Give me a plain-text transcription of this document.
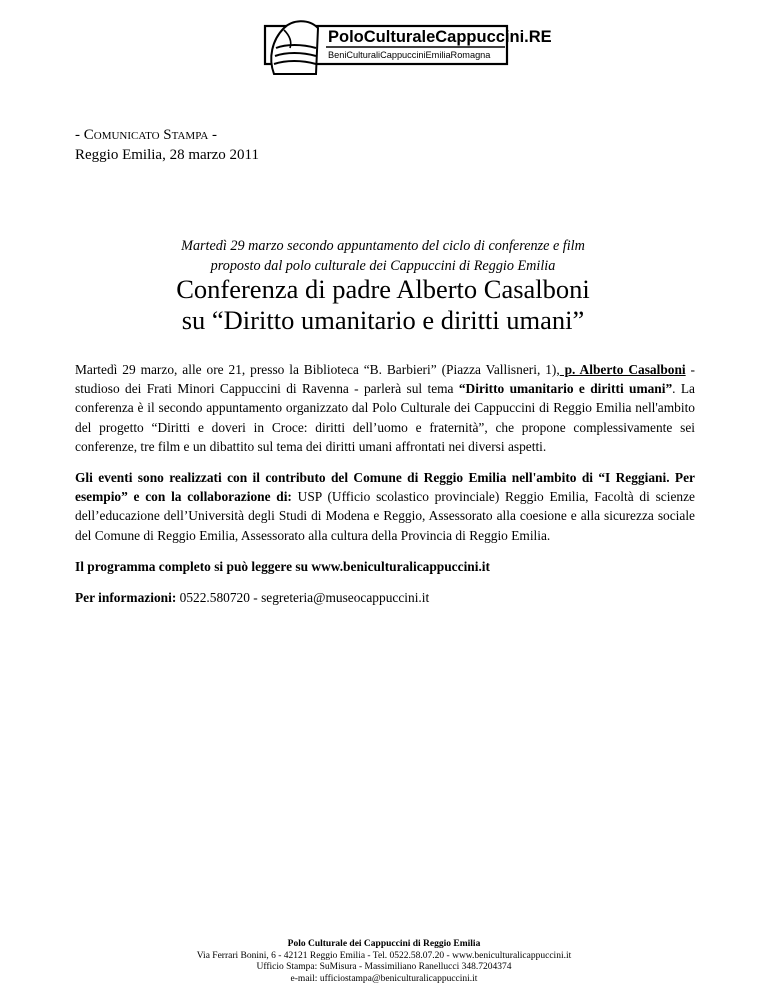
PoloCulturaleCappuccini.RE
BeniCulturaliCappucciniEmiliaRomagna
- Comunicato Stampa -
Reggio Emilia, 28 marzo 2011
Martedì 29 marzo secondo appuntamento del ciclo di conferenze e film
proposto dal polo culturale dei Cappuccini di Reggio Emilia
Conferenza di padre Alberto Casalboni
su “Diritto umanitario e diritti umani”

Martedì 29 marzo, alle ore 21, presso la Biblioteca “B. Barbieri” (Piazza Vallisneri, 1), p. Alberto Casalboni - studioso dei Frati Minori Cappuccini di Ravenna - parlerà sul tema “Diritto umanitario e diritti umani”. La conferenza è il secondo appuntamento organizzato dal Polo Culturale dei Cappuccini di Reggio Emilia nell'ambito del progetto “Diritti e doveri in Croce: diritti dell’uomo e fraternità”, che propone complessivamente sei conferenze, tre film e un dibattito sul tema dei diritti umani affrontati nei diversi aspetti.

Gli eventi sono realizzati con il contributo del Comune di Reggio Emilia nell'ambito di “I Reggiani. Per esempio” e con la collaborazione di: USP (Ufficio scolastico provinciale) Reggio Emilia, Facoltà di scienze dell’educazione dell’Università degli Studi di Modena e Reggio, Assessorato alla coesione e alla sicurezza sociale del Comune di Reggio Emilia, Assessorato alla cultura della Provincia di Reggio Emilia.

Il programma completo si può leggere su www.beniculturalicappuccini.it

Per informazioni: 0522.580720 - segreteria@museocappuccini.it

Polo Culturale dei Cappuccini di Reggio Emilia
Via Ferrari Bonini, 6 - 42121 Reggio Emilia - Tel. 0522.58.07.20 - www.beniculturalicappuccini.it
Ufficio Stampa: SuMisura - Massimiliano Ranellucci 348.7204374
e-mail: ufficiostampa@beniculturalicappuccini.it
